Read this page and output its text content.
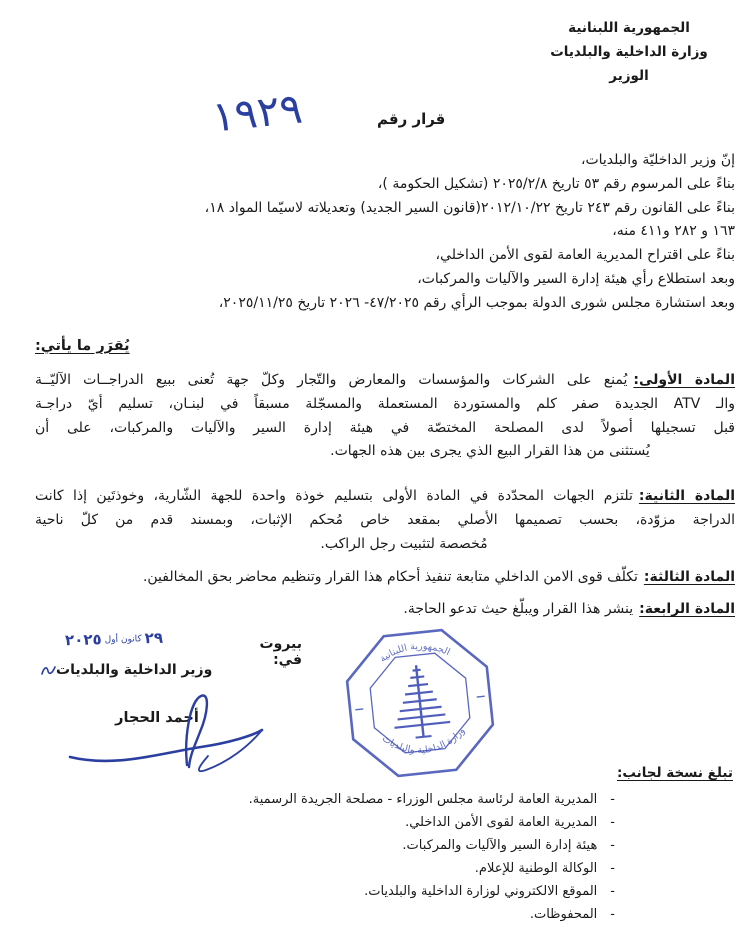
الجمهورية اللبنانية
وزارة الداخلية والبلديات
الوزير
قرار رقم
١٩٢٩
إنّ وزير الداخليّة والبلديات،
بناءً على المرسوم رقم ٥٣ تاريخ ٢٠٢٥/٢/٨ (تشكيل الحكومة )،
بناءً على القانون رقم ٢٤٣ تاريخ ٢٠١٢/١٠/٢٢(قانون السير الجديد) وتعديلاته لاسيّما المواد ١٨،
١٦٣ و ٢٨٢ و٤١١ منه،
بناءً على اقتراح المديرية العامة لقوى الأمن الداخلي،
وبعد استطلاع رأي هيئة إدارة السير والآليات والمركبات،
وبعد استشارة مجلس شورى الدولة بموجب الرأي رقم ٤٧/٢٠٢٥- ٢٠٢٦ تاريخ ٢٠٢٥/١١/٢٥،
يُقرَر ما يأتي:
المادة الأولى:يُمنع على الشركات والمؤسسات والمعارض والتّجار وكلّ جهة تُعنى ببيع الدراجــات الآليّــة
والـ ATV الجديدة صفر كلم والمستوردة المستعملة والمسجّلة مسبقاً في لبنـان، تسليم أيّ دراجـة
قبل تسجيلها أصولاً لدى المصلحة المختصّة في هيئة إدارة السير والآليات والمركبات، على أن
يُستثنى من هذا القرار البيع الذي يجرى بين هذه الجهات.
المادة الثانية:تلتزم الجهات المحدّدة في المادة الأولى بتسليم خوذة واحدة للجهة الشّارية، وخوذتَين إذا كانت
الدراجة مزوّدة، بحسب تصميمها الأصلي بمقعد خاص مُحكم الإثبات، وبمسند قدم من كلّ ناحية
مُخصصة لتثبيت رجل الراكب.
المادة الثالثة:تكلّف قوى الامن الداخلي متابعة تنفيذ أحكام هذا القرار وتنظيم محاضر بحق المخالفين.
المادة الرابعة:ينشر هذا القرار ويبلّغ حيث تدعو الحاجة.
بيروت في:
٢٩كانون أول٢٠٢٥
وزير الداخلية والبلديات
أحمد الحجار
الجمهورية اللبنانية
وزارة الداخلية والبلديات
تبلغ نسخة لجانب:
-المديرية العامة لرئاسة مجلس الوزراء - مصلحة الجريدة الرسمية.
-المديرية العامة لقوى الأمن الداخلي.
-هيئة إدارة السير والآليات والمركبات.
-الوكالة الوطنية للإعلام.
-الموقع الالكتروني لوزارة الداخلية والبلديات.
-المحفوظات.
